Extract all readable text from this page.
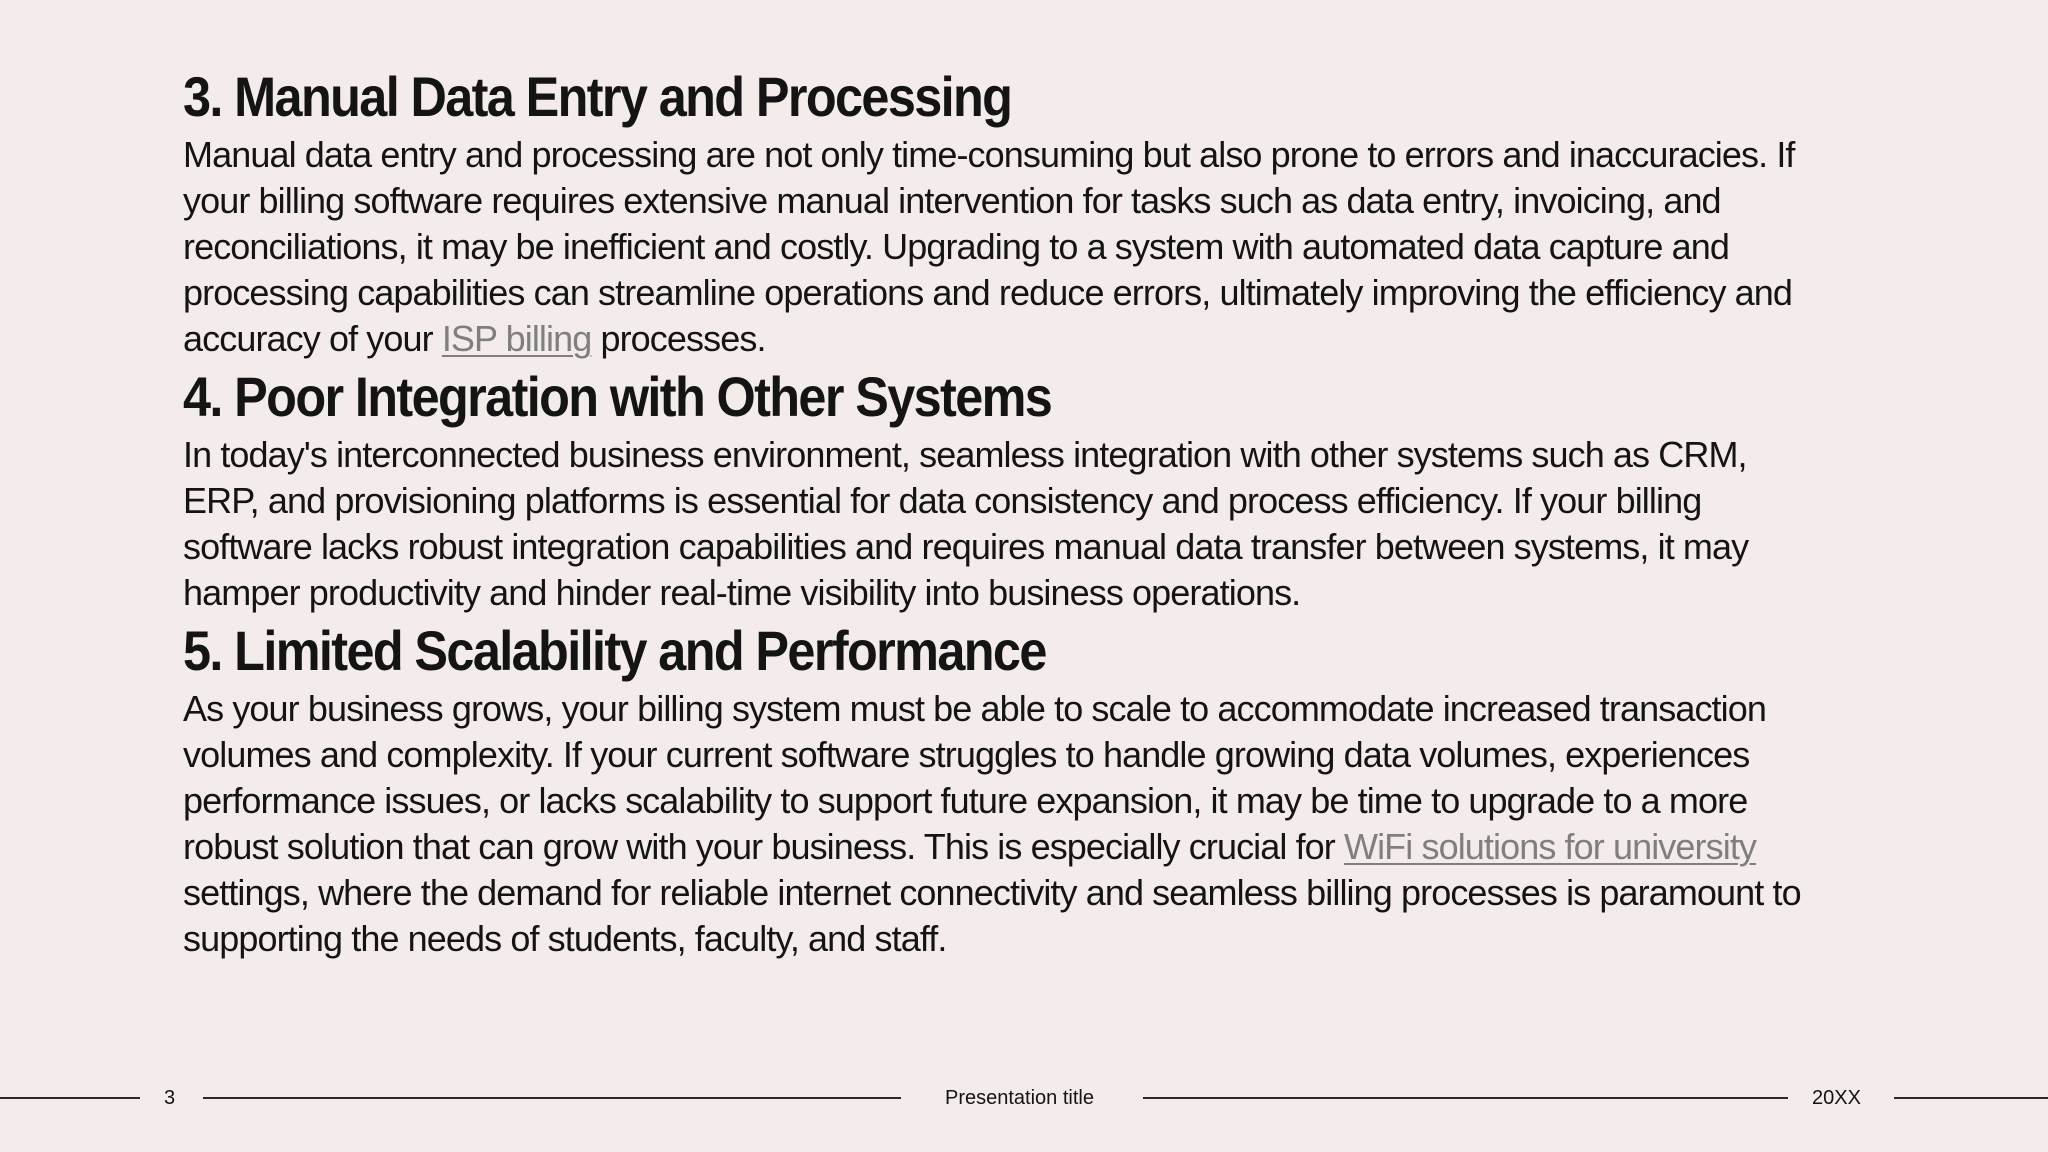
3. Manual Data Entry and Processing

Manual data entry and processing are not only time-consuming but also prone to errors and inaccuracies. If your billing software requires extensive manual intervention for tasks such as data entry, invoicing, and reconciliations, it may be inefficient and costly. Upgrading to a system with automated data capture and processing capabilities can streamline operations and reduce errors, ultimately improving the efficiency and accuracy of your ISP billing processes.

4. Poor Integration with Other Systems

In today's interconnected business environment, seamless integration with other systems such as CRM, ERP, and provisioning platforms is essential for data consistency and process efficiency. If your billing software lacks robust integration capabilities and requires manual data transfer between systems, it may hamper productivity and hinder real-time visibility into business operations.

5. Limited Scalability and Performance

As your business grows, your billing system must be able to scale to accommodate increased transaction volumes and complexity. If your current software struggles to handle growing data volumes, experiences performance issues, or lacks scalability to support future expansion, it may be time to upgrade to a more robust solution that can grow with your business. This is especially crucial for WiFi solutions for university settings, where the demand for reliable internet connectivity and seamless billing processes is paramount to supporting the needs of students, faculty, and staff.

3	Presentation title	20XX
